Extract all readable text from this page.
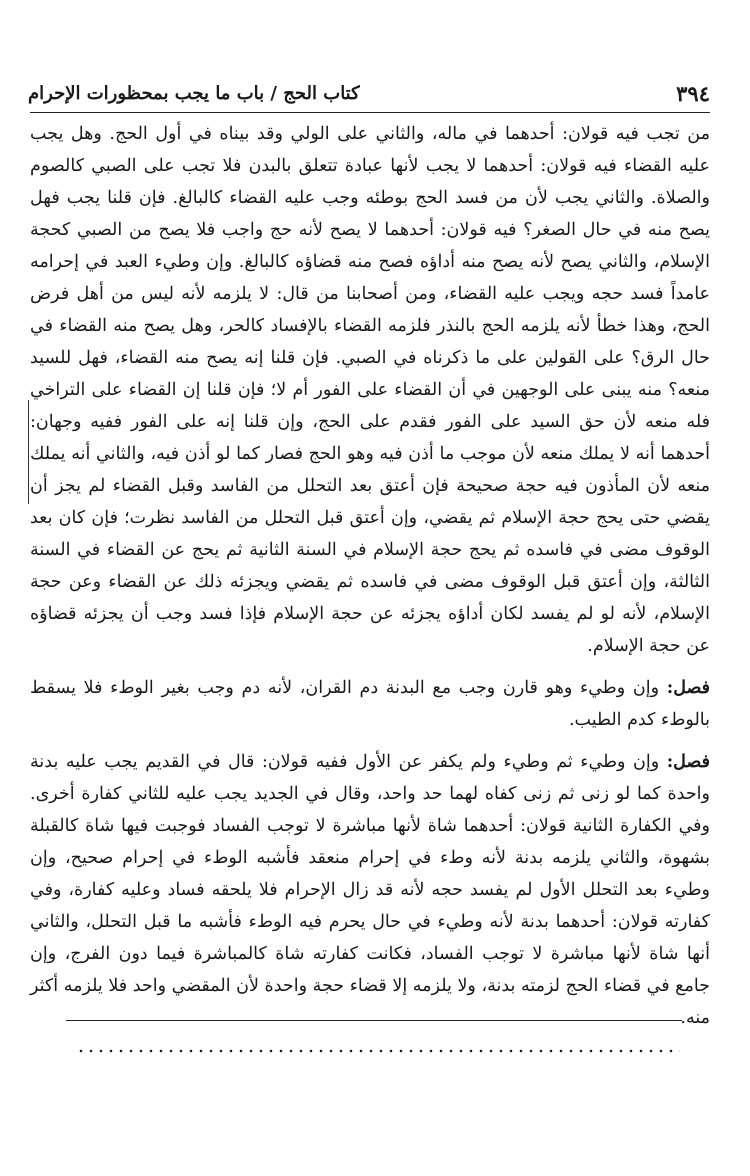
كتاب الحج / باب ما يجب بمحظورات الإحرام	٣٩٤

من تجب فيه قولان: أحدهما في ماله، والثاني على الولي وقد بيناه في أول الحج. وهل يجب عليه القضاء فيه قولان: أحدهما لا يجب لأنها عبادة تتعلق بالبدن فلا تجب على الصبي كالصوم والصلاة. والثاني يجب لأن من فسد الحج بوطئه وجب عليه القضاء كالبالغ. فإن قلنا يجب فهل يصح منه في حال الصغر؟ فيه قولان: أحدهما لا يصح لأنه حج واجب فلا يصح من الصبي كحجة الإسلام، والثاني يصح لأنه يصح منه أداؤه فصح منه قضاؤه كالبالغ. وإن وطيء العبد في إحرامه عامداً فسد حجه ويجب عليه القضاء، ومن أصحابنا من قال: لا يلزمه لأنه ليس من أهل فرض الحج، وهذا خطأ لأنه يلزمه الحج بالنذر فلزمه القضاء بالإفساد كالحر، وهل يصح منه القضاء في حال الرق؟ على القولين على ما ذكرناه في الصبي. فإن قلنا إنه يصح منه القضاء، فهل للسيد منعه؟ منه يبنى على الوجهين في أن القضاء على الفور أم لا؛ فإن قلنا إن القضاء على التراخي فله منعه لأن حق السيد على الفور فقدم على الحج، وإن قلنا إنه على الفور ففيه وجهان: أحدهما أنه لا يملك منعه لأن موجب ما أذن فيه وهو الحج فصار كما لو أذن فيه، والثاني أنه يملك منعه لأن المأذون فيه حجة صحيحة فإن أعتق بعد التحلل من الفاسد وقبل القضاء لم يجز أن يقضي حتى يحج حجة الإسلام ثم يقضي، وإن أعتق قبل التحلل من الفاسد نظرت؛ فإن كان بعد الوقوف مضى في فاسده ثم يحج حجة الإسلام في السنة الثانية ثم يحج عن القضاء في السنة الثالثة، وإن أعتق قبل الوقوف مضى في فاسده ثم يقضي ويجزئه ذلك عن القضاء وعن حجة الإسلام، لأنه لو لم يفسد لكان أداؤه يجزئه عن حجة الإسلام فإذا فسد وجب أن يجزئه قضاؤه عن حجة الإسلام.

فصل: وإن وطيء وهو قارن وجب مع البدنة دم القران، لأنه دم وجب بغير الوطء فلا يسقط بالوطء كدم الطيب.

فصل: وإن وطيء ثم وطيء ولم يكفر عن الأول ففيه قولان: قال في القديم يجب عليه بدنة واحدة كما لو زنى ثم زنى كفاه لهما حد واحد، وقال في الجديد يجب عليه للثاني كفارة أخرى. وفي الكفارة الثانية قولان: أحدهما شاة لأنها مباشرة لا توجب الفساد فوجبت فيها شاة كالقبلة بشهوة، والثاني يلزمه بدنة لأنه وطء في إحرام منعقد فأشبه الوطء في إحرام صحيح، وإن وطيء بعد التحلل الأول لم يفسد حجه لأنه قد زال الإحرام فلا يلحقه فساد وعليه كفارة، وفي كفارته قولان: أحدهما بدنة لأنه وطيء في حال يحرم فيه الوطء فأشبه ما قبل التحلل، والثاني أنها شاة لأنها مباشرة لا توجب الفساد، فكانت كفارته شاة كالمباشرة فيما دون الفرج، وإن جامع في قضاء الحج لزمته بدنة، ولا يلزمه إلا قضاء حجة واحدة لأن المقضي واحد فلا يلزمه أكثر منه.
